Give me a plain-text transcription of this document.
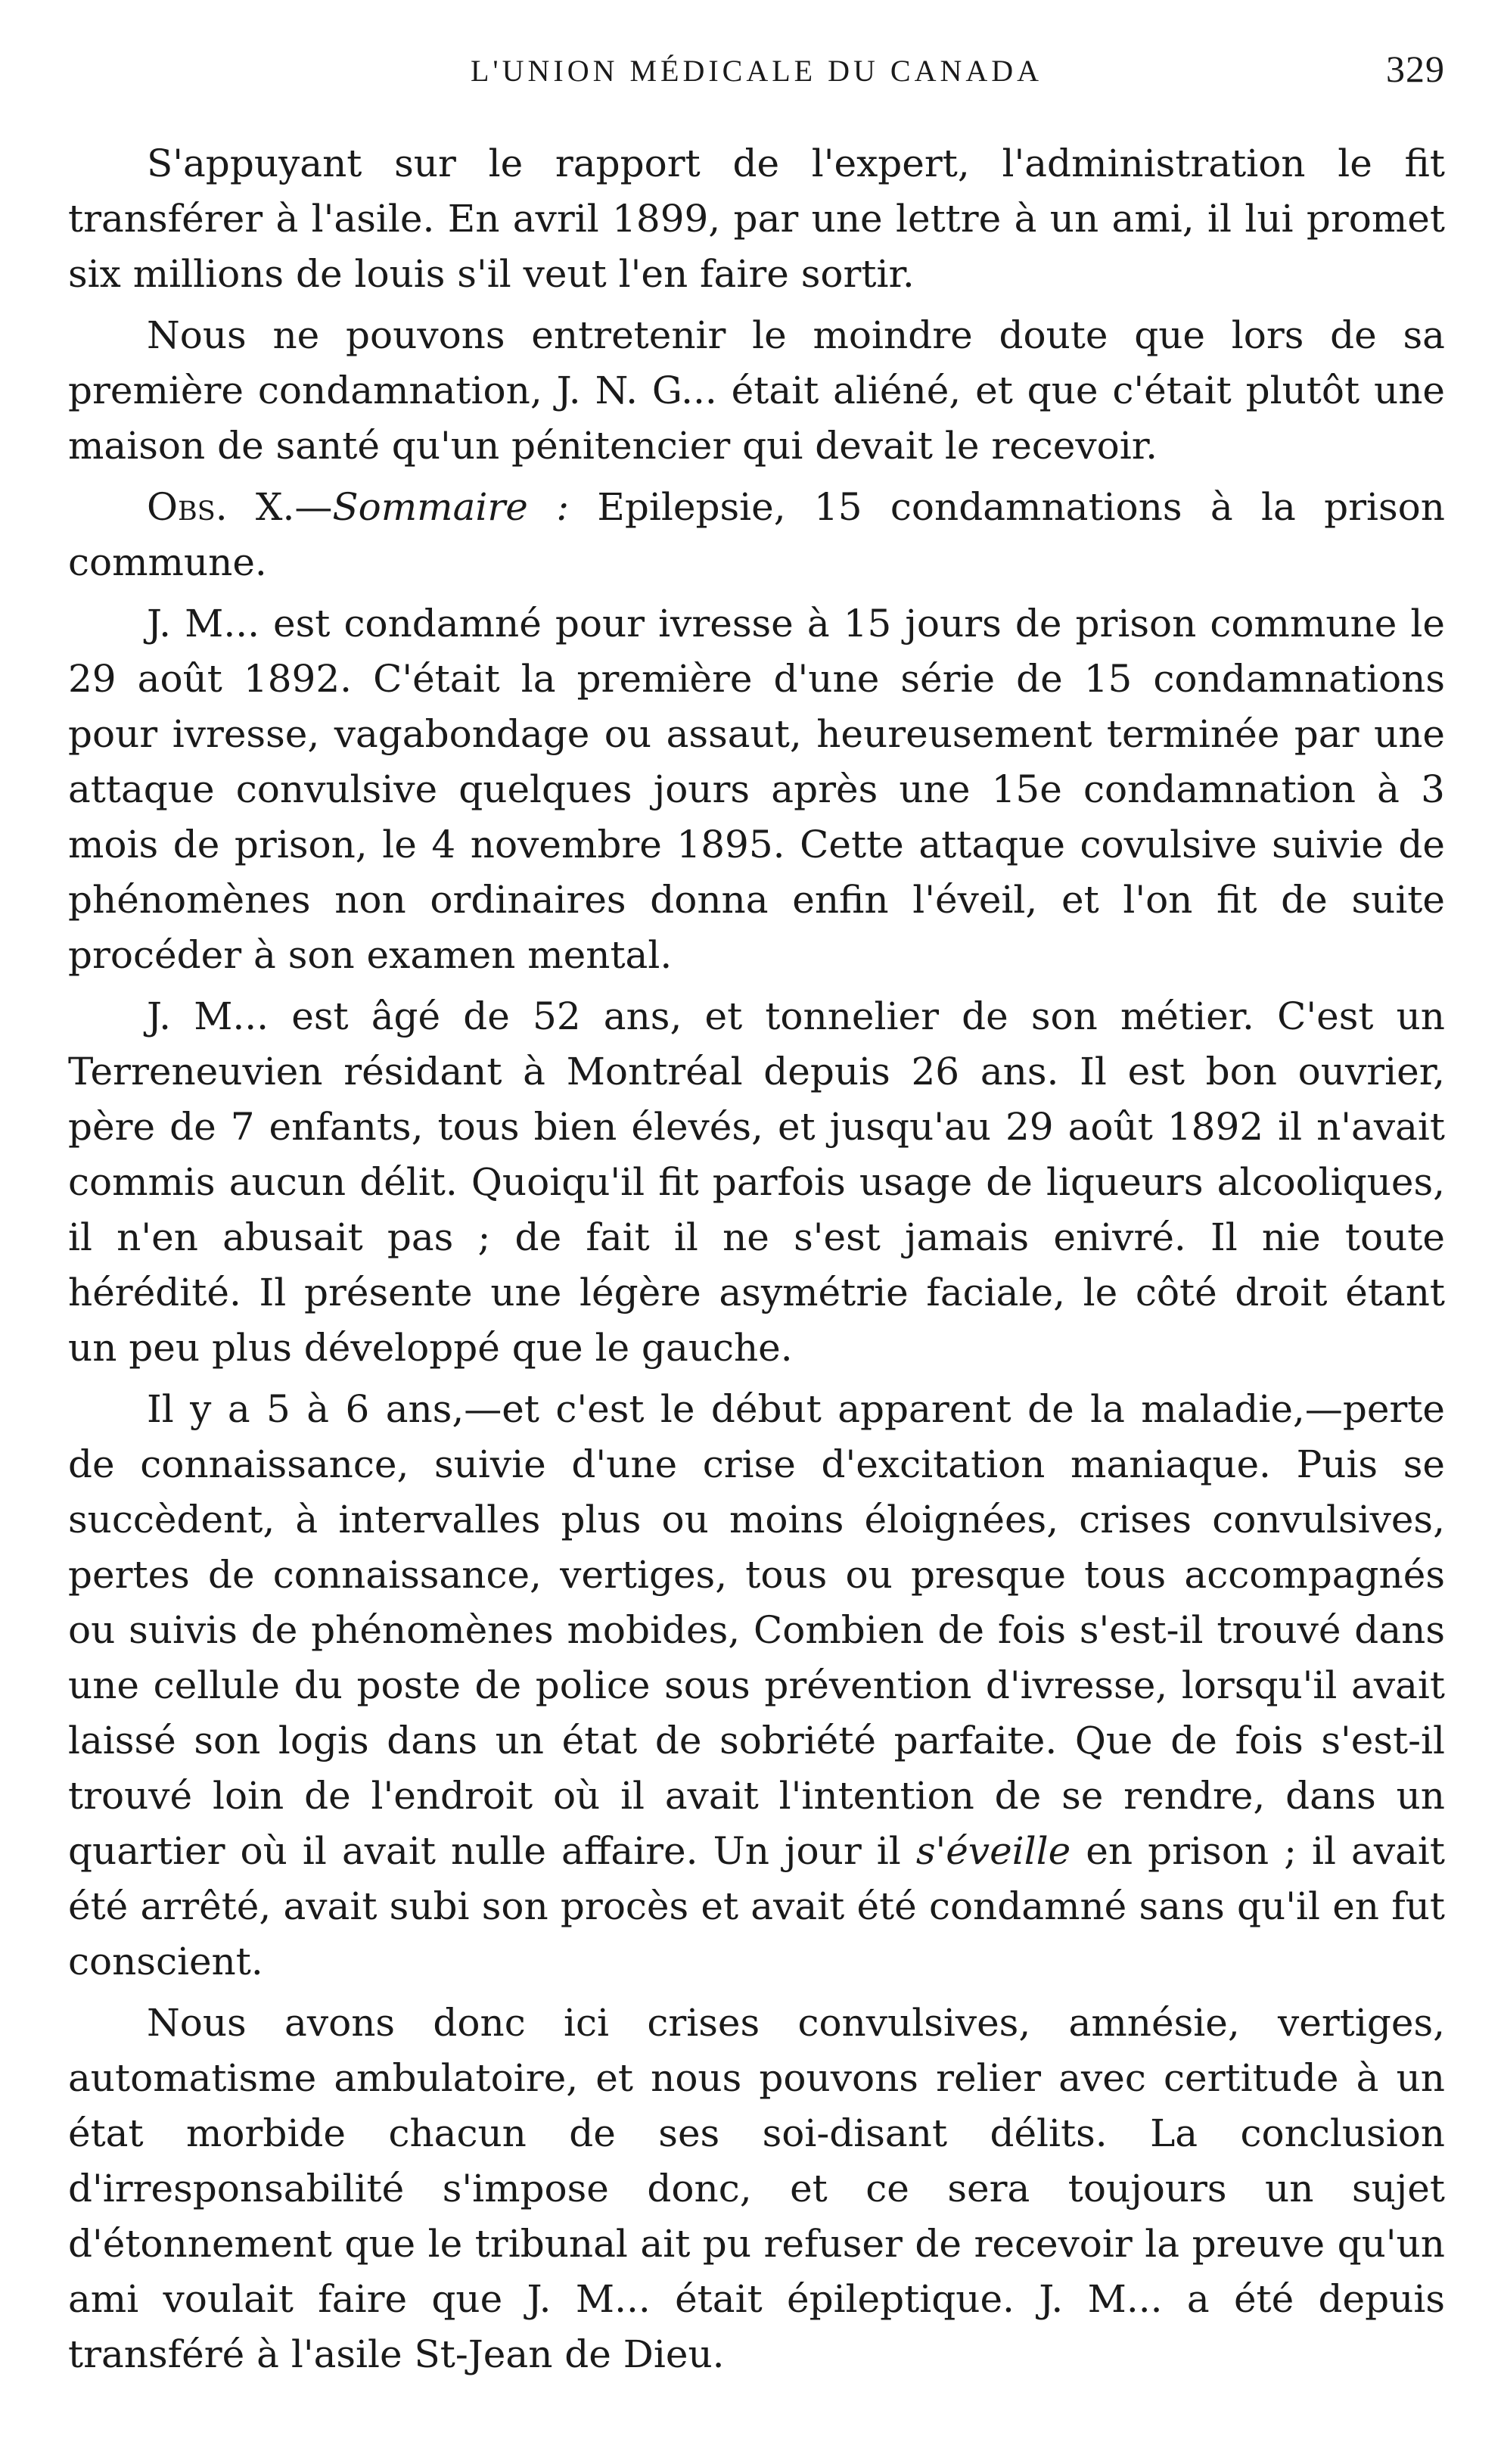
L'UNION MÉDICALE DU CANADA	329

S'appuyant sur le rapport de l'expert, l'administration le fit transférer à l'asile. En avril 1899, par une lettre à un ami, il lui promet six millions de louis s'il veut l'en faire sortir.

Nous ne pouvons entretenir le moindre doute que lors de sa première condamnation, J. N. G... était aliéné, et que c'était plutôt une maison de santé qu'un pénitencier qui devait le recevoir.

Obs. X.—Sommaire : Epilepsie, 15 condamnations à la prison commune.

J. M... est condamné pour ivresse à 15 jours de prison commune le 29 août 1892. C'était la première d'une série de 15 condamnations pour ivresse, vagabondage ou assaut, heureusement terminée par une attaque convulsive quelques jours après une 15e condamnation à 3 mois de prison, le 4 novembre 1895. Cette attaque covulsive suivie de phénomènes non ordinaires donna enfin l'éveil, et l'on fit de suite procéder à son examen mental.

J. M... est âgé de 52 ans, et tonnelier de son métier. C'est un Terreneuvien résidant à Montréal depuis 26 ans. Il est bon ouvrier, père de 7 enfants, tous bien élevés, et jusqu'au 29 août 1892 il n'avait commis aucun délit. Quoiqu'il fit parfois usage de liqueurs alcooliques, il n'en abusait pas ; de fait il ne s'est jamais enivré. Il nie toute hérédité. Il présente une légère asymétrie faciale, le côté droit étant un peu plus développé que le gauche.

Il y a 5 à 6 ans,—et c'est le début apparent de la maladie,—perte de connaissance, suivie d'une crise d'excitation maniaque. Puis se succèdent, à intervalles plus ou moins éloignées, crises convulsives, pertes de connaissance, vertiges, tous ou presque tous accompagnés ou suivis de phénomènes mobides, Combien de fois s'est-il trouvé dans une cellule du poste de police sous prévention d'ivresse, lorsqu'il avait laissé son logis dans un état de sobriété parfaite. Que de fois s'est-il trouvé loin de l'endroit où il avait l'intention de se rendre, dans un quartier où il avait nulle affaire. Un jour il s'éveille en prison ; il avait été arrêté, avait subi son procès et avait été condamné sans qu'il en fut conscient.

Nous avons donc ici crises convulsives, amnésie, vertiges, automatisme ambulatoire, et nous pouvons relier avec certitude à un état morbide chacun de ses soi-disant délits. La conclusion d'irresponsabilité s'impose donc, et ce sera toujours un sujet d'étonnement que le tribunal ait pu refuser de recevoir la preuve qu'un ami voulait faire que J. M... était épileptique. J. M... a été depuis transféré à l'asile St-Jean de Dieu.
